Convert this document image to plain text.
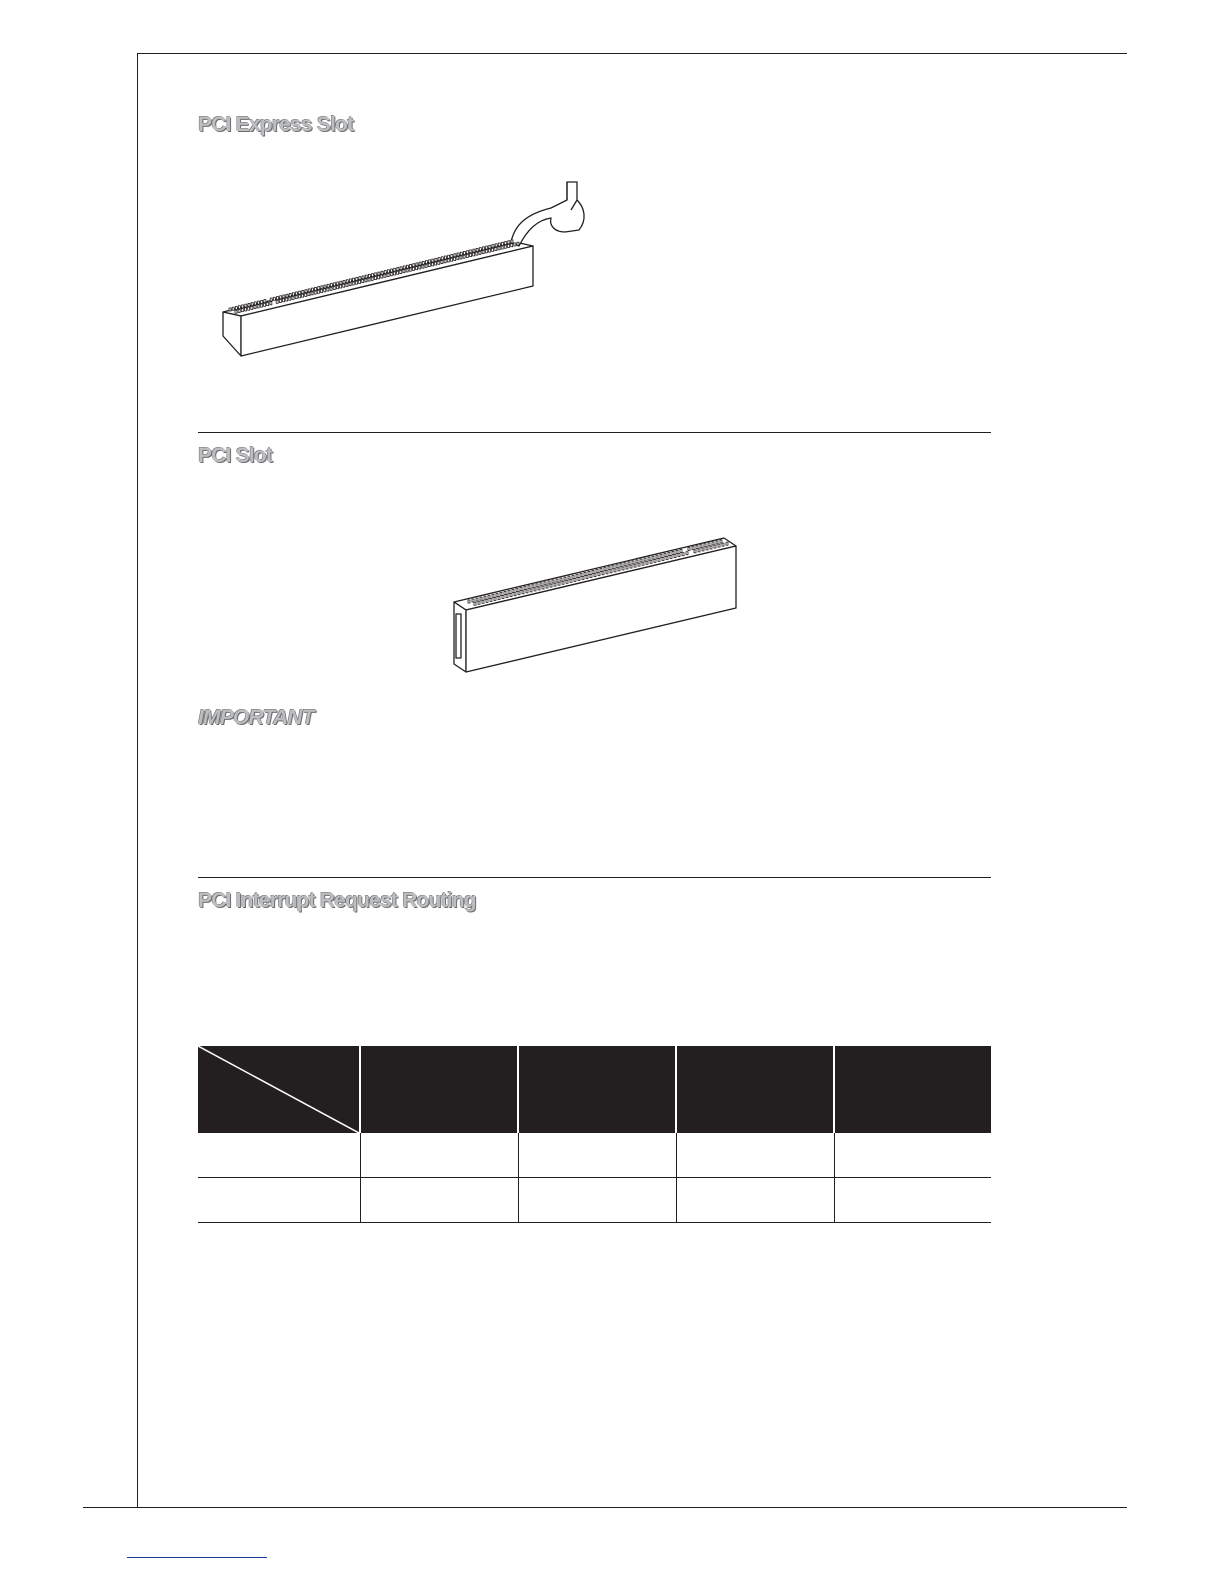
PCI Express Slot
PCI Slot
IMPORTANT
PCI Interrupt Request Routing
